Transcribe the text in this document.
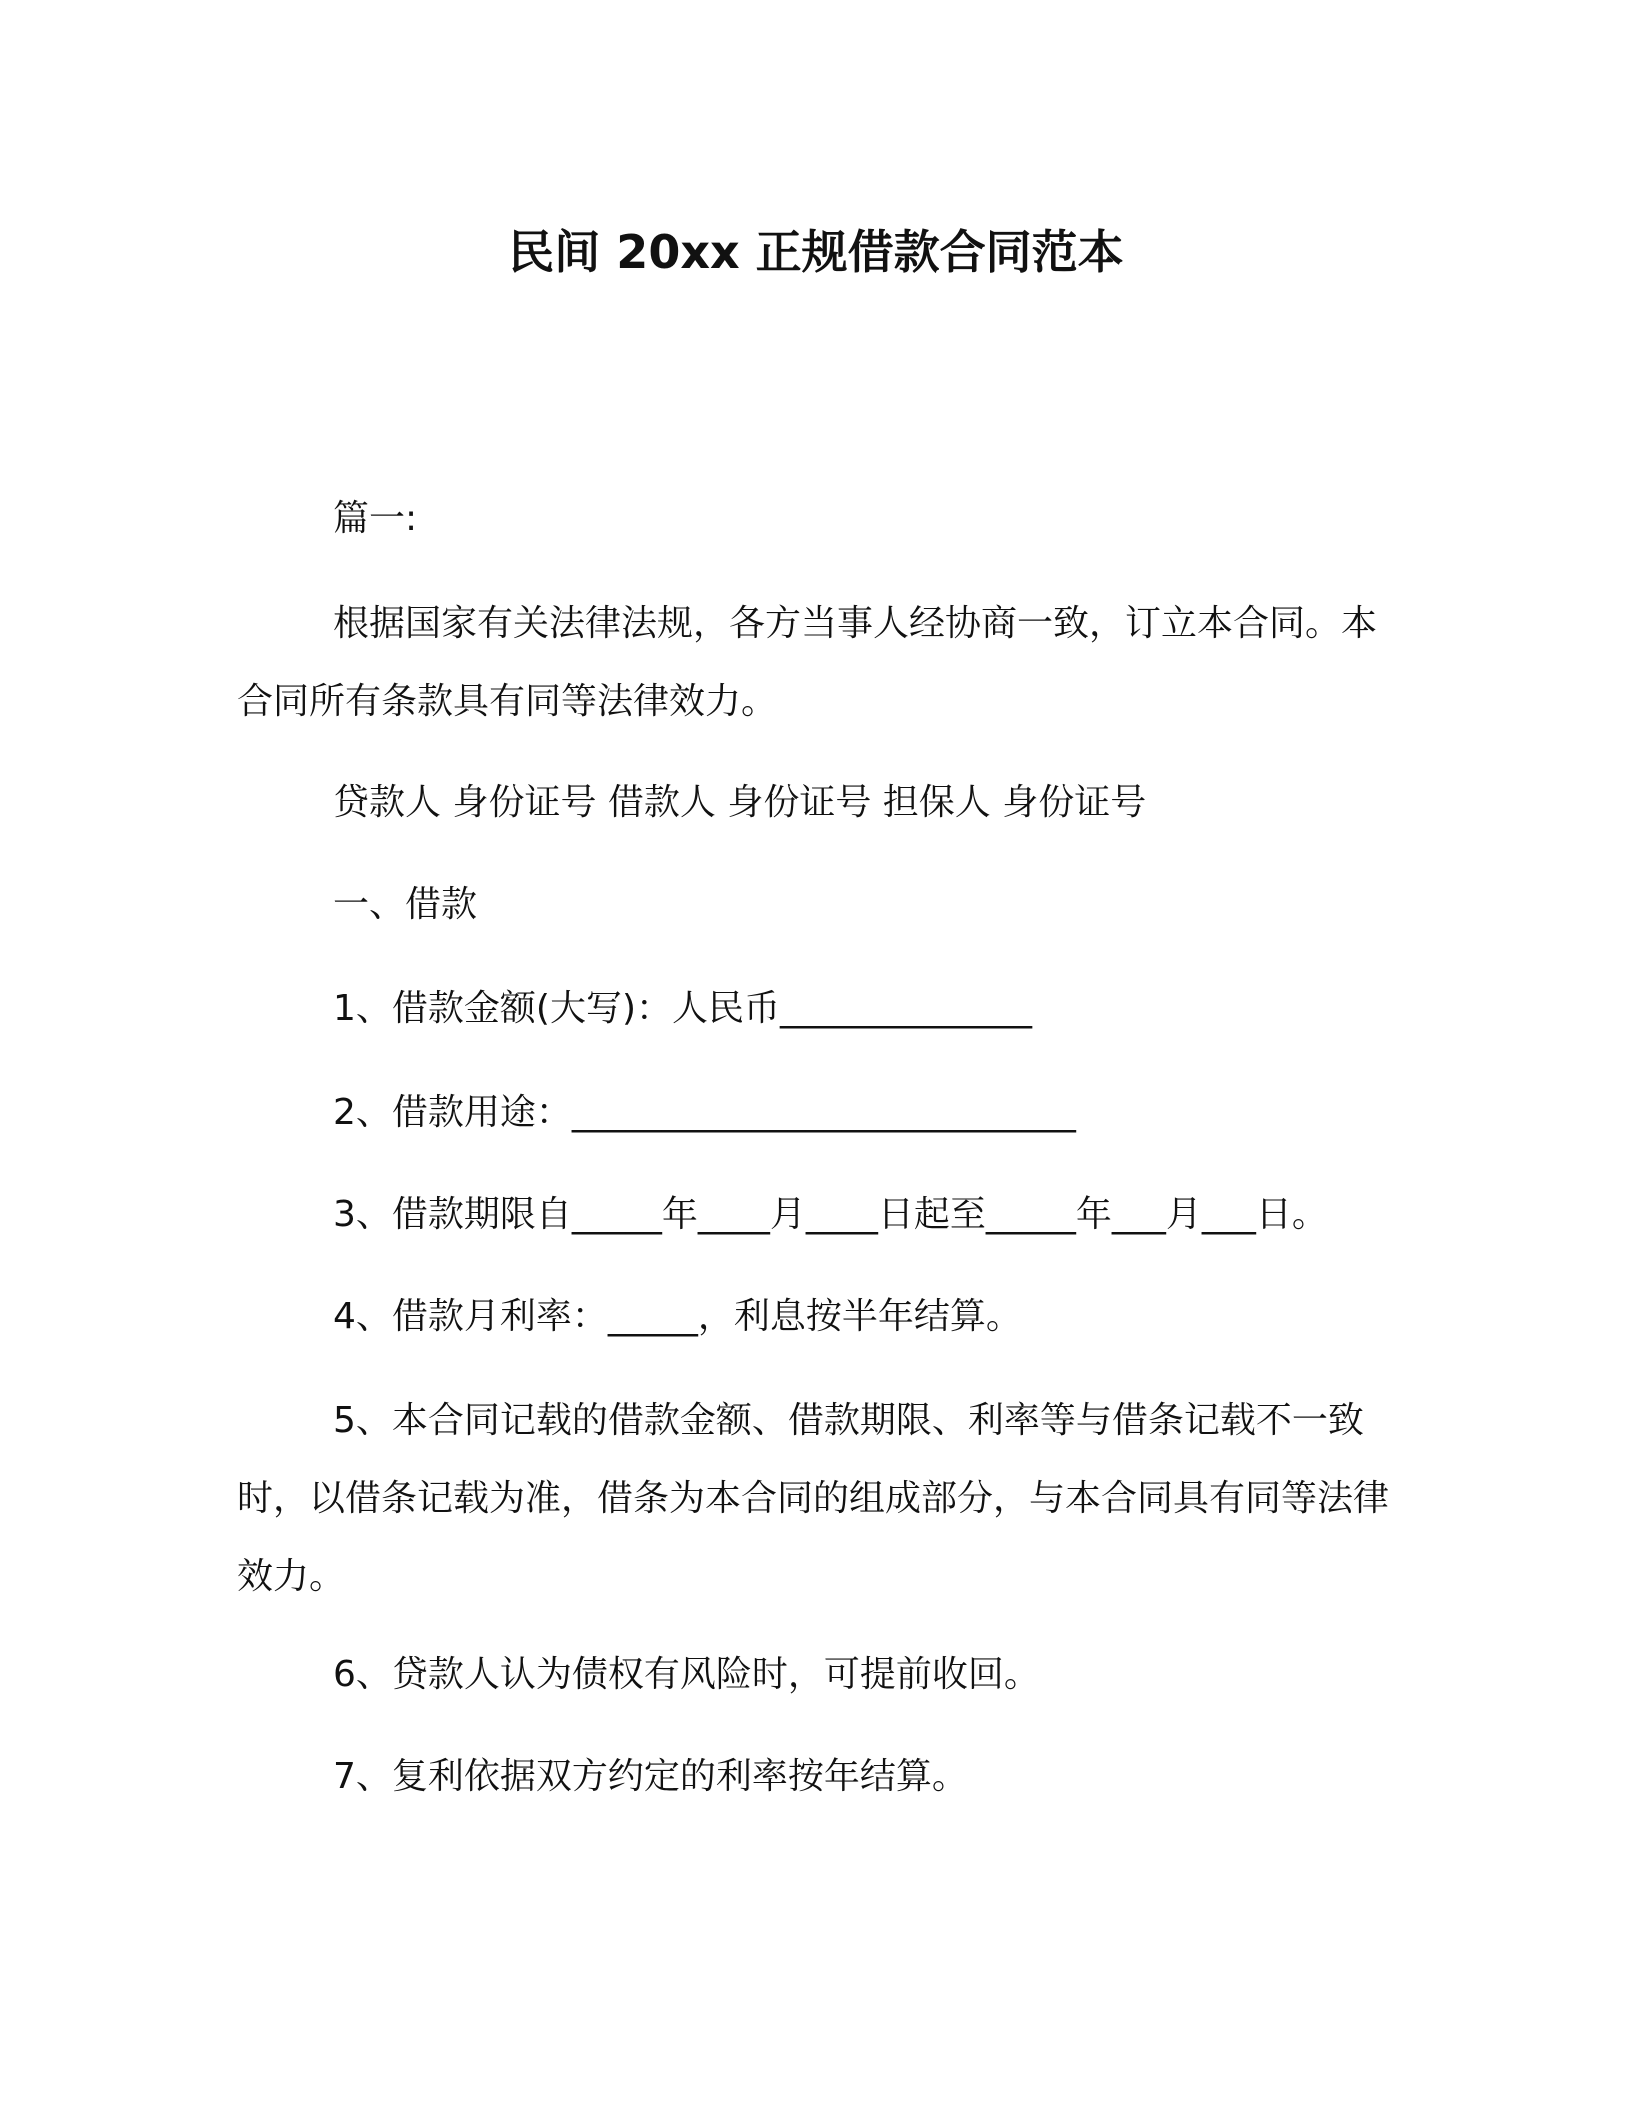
民间 20xx 正规借款合同范本

篇一:

根据国家有关法律法规，各方当事人经协商一致，订立本合同。本合同所有条款具有同等法律效力。

贷款人 身份证号 借款人 身份证号 担保人 身份证号

一、借款

1、借款金额(大写)：人民币______________

2、借款用途：____________________________

3、借款期限自_____年____月____日起至_____年___月___日。

4、借款月利率：_____，利息按半年结算。

5、本合同记载的借款金额、借款期限、利率等与借条记载不一致时，以借条记载为准，借条为本合同的组成部分，与本合同具有同等法律效力。

6、贷款人认为债权有风险时，可提前收回。

7、复利依据双方约定的利率按年结算。
